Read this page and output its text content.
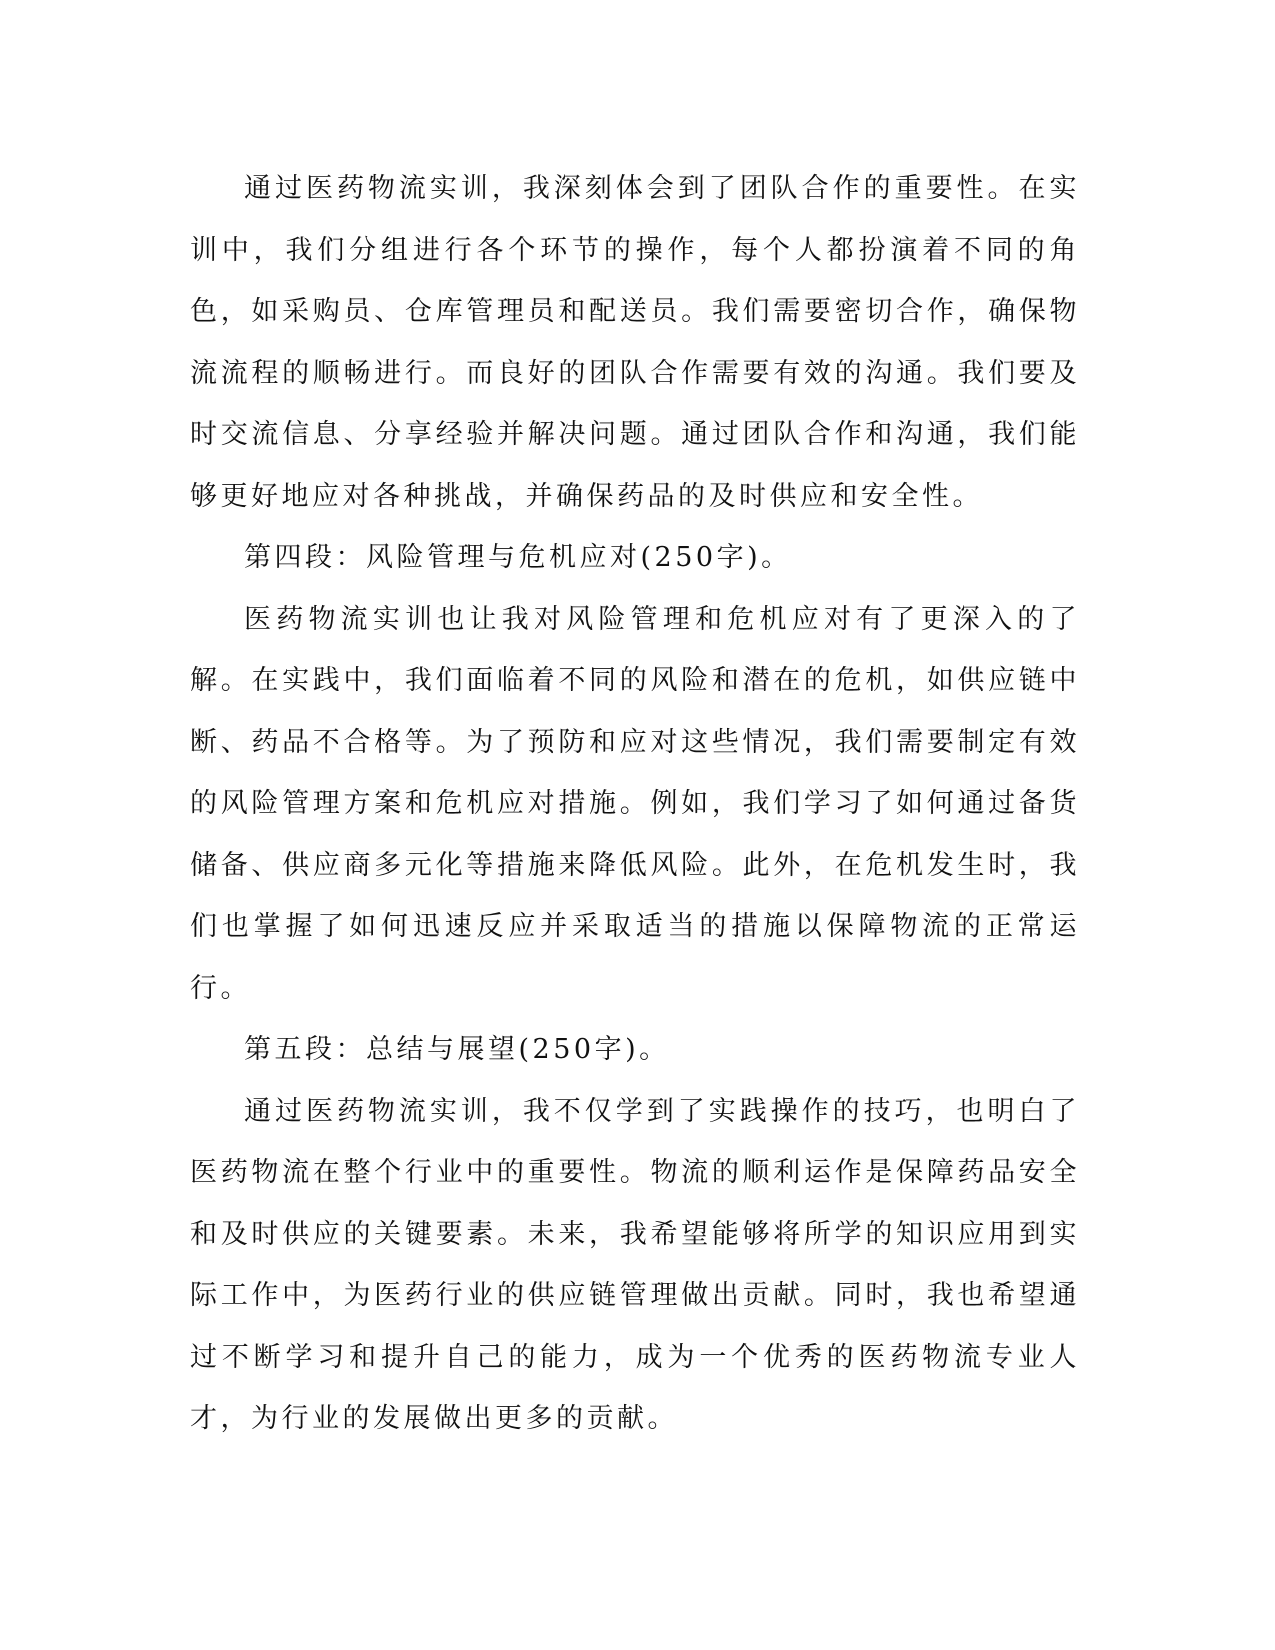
通过医药物流实训，我深刻体会到了团队合作的重要性。在实训中，我们分组进行各个环节的操作，每个人都扮演着不同的角色，如采购员、仓库管理员和配送员。我们需要密切合作，确保物流流程的顺畅进行。而良好的团队合作需要有效的沟通。我们要及时交流信息、分享经验并解决问题。通过团队合作和沟通，我们能够更好地应对各种挑战，并确保药品的及时供应和安全性。

第四段：风险管理与危机应对(250字)。

医药物流实训也让我对风险管理和危机应对有了更深入的了解。在实践中，我们面临着不同的风险和潜在的危机，如供应链中断、药品不合格等。为了预防和应对这些情况，我们需要制定有效的风险管理方案和危机应对措施。例如，我们学习了如何通过备货储备、供应商多元化等措施来降低风险。此外，在危机发生时，我们也掌握了如何迅速反应并采取适当的措施以保障物流的正常运行。

第五段：总结与展望(250字)。

通过医药物流实训，我不仅学到了实践操作的技巧，也明白了医药物流在整个行业中的重要性。物流的顺利运作是保障药品安全和及时供应的关键要素。未来，我希望能够将所学的知识应用到实际工作中，为医药行业的供应链管理做出贡献。同时，我也希望通过不断学习和提升自己的能力，成为一个优秀的医药物流专业人才，为行业的发展做出更多的贡献。
